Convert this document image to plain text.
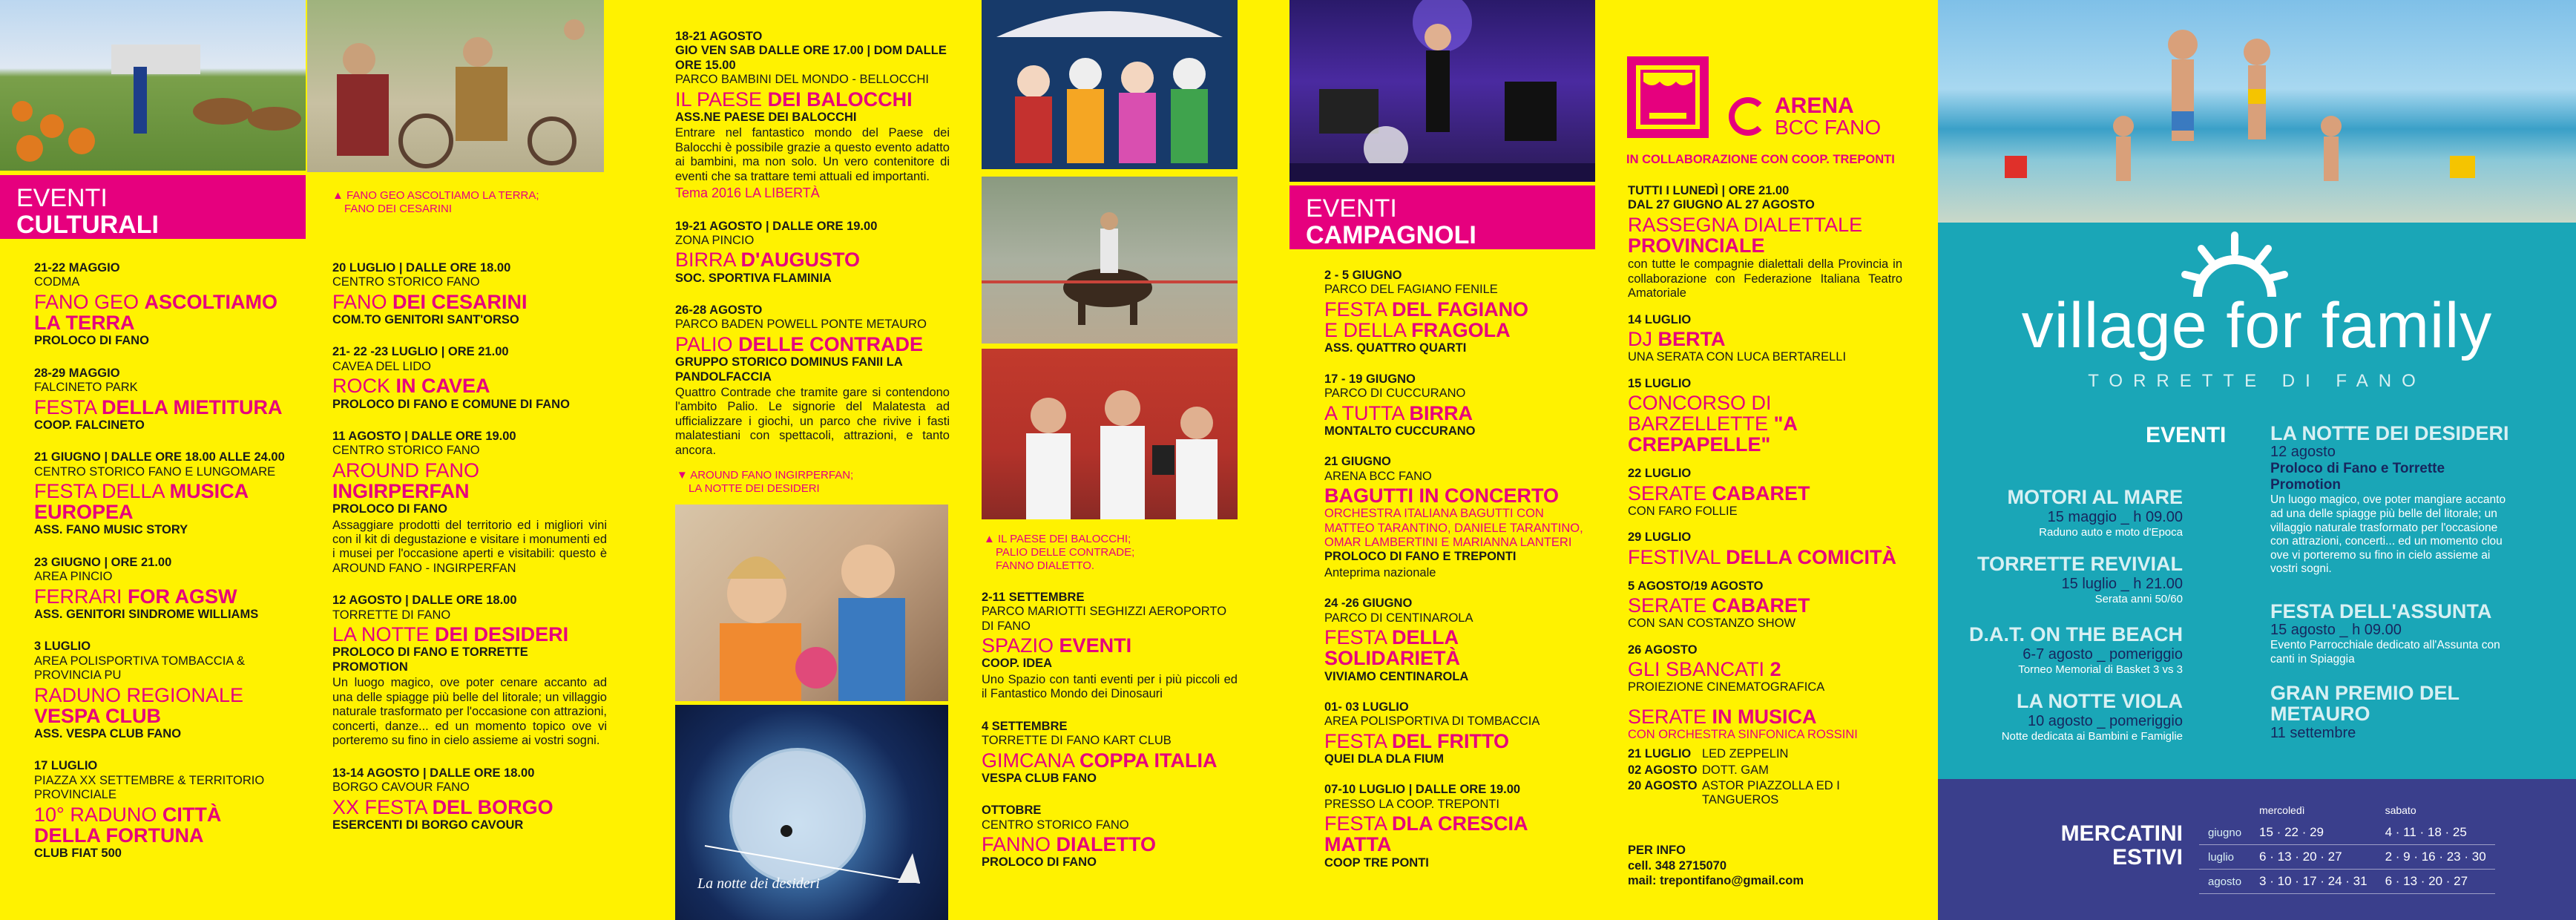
La notte dei desideri
EVENTI
CULTURALI
▲ FANO GEO ASCOLTIAMO LA TERRA;
FANO DEI CESARINI
▼ AROUND FANO INGIRPERFAN;
LA NOTTE DEI DESIDERI
▲ IL PAESE DEI BALOCCHI;
PALIO DELLE CONTRADE;
FANNO DIALETTO.
21-22 MAGGIO
CODMA
FANO GEO ASCOLTIAMO LA TERRA
PROLOCO DI FANO
28-29 MAGGIO
FALCINETO PARK
FESTA DELLA MIETITURA
COOP. FALCINETO
21 GIUGNO | DALLE ORE 18.00 ALLE 24.00
CENTRO STORICO FANO E LUNGOMARE
FESTA DELLA MUSICA EUROPEA
ASS. FANO MUSIC STORY
23 GIUGNO | ORE 21.00
AREA PINCIO
FERRARI FOR AGSW
ASS. GENITORI SINDROME WILLIAMS
3 LUGLIO
AREA POLISPORTIVA TOMBACCIA & PROVINCIA PU
RADUNO REGIONALE VESPA CLUB
ASS. VESPA CLUB FANO
17 LUGLIO
PIAZZA XX SETTEMBRE & TERRITORIO PROVINCIALE
10° RADUNO CITTÀ DELLA FORTUNA
CLUB FIAT 500
20 LUGLIO | DALLE ORE 18.00
CENTRO STORICO FANO
FANO DEI CESARINI
COM.TO GENITORI SANT'ORSO
21- 22 -23 LUGLIO | ORE 21.00
CAVEA DEL LIDO
ROCK IN CAVEA
PROLOCO DI FANO E COMUNE DI FANO
11 AGOSTO | DALLE ORE 19.00
CENTRO STORICO FANO
AROUND FANO INGIRPERFAN
PROLOCO DI FANO
Assaggiare prodotti del territorio ed i migliori vini con il kit di degustazione e visitare i monumenti ed i musei per l'occasione aperti e visitabili: questo è AROUND FANO - INGIRPERFAN
12 AGOSTO | DALLE ORE 18.00
TORRETTE DI FANO
LA NOTTE DEI DESIDERI
PROLOCO DI FANO E TORRETTE PROMOTION
Un luogo magico, ove poter cenare accanto ad una delle spiagge più belle del litorale; un villaggio naturale trasformato per l'occasione con attrazioni, concerti, danze... ed un momento topico ove vi porteremo su fino in cielo assieme ai vostri sogni.
13-14 AGOSTO | DALLE ORE 18.00
BORGO CAVOUR FANO
XX FESTA DEL BORGO
ESERCENTI DI BORGO CAVOUR
18-21 AGOSTO
GIO VEN SAB DALLE ORE 17.00 | DOM DALLE ORE 15.00
PARCO BAMBINI DEL MONDO - BELLOCCHI
IL PAESE DEI BALOCCHI
ASS.NE PAESE DEI BALOCCHI
Entrare nel fantastico mondo del Paese dei Balocchi è possibile grazie a questo evento adatto ai bambini, ma non solo. Un vero contenitore di eventi che sa trattare temi attuali ed importanti.
Tema 2016 LA LIBERTÀ
19-21 AGOSTO | DALLE ORE 19.00
ZONA PINCIO
BIRRA D'AUGUSTO
SOC. SPORTIVA FLAMINIA
26-28 AGOSTO
PARCO BADEN POWELL PONTE METAURO
PALIO DELLE CONTRADE
GRUPPO STORICO DOMINUS FANII LA PANDOLFACCIA
Quattro Contrade che tramite gare si contendono l'ambito Palio. Le signorie del Malatesta ad ufficializzare i giochi, un parco che rivive i fasti malatestiani con spettacoli, attrazioni, e tanto ancora.
2-11 SETTEMBRE
PARCO MARIOTTI SEGHIZZI AEROPORTO DI FANO
SPAZIO EVENTI
COOP. IDEA
Uno Spazio con tanti eventi per i più piccoli ed il Fantastico Mondo dei Dinosauri
4 SETTEMBRE
TORRETTE DI FANO KART CLUB
GIMCANA COPPA ITALIA
VESPA CLUB FANO
OTTOBRE
CENTRO STORICO FANO
FANNO DIALETTO
PROLOCO DI FANO
EVENTI
CAMPAGNOLI
2 - 5 GIUGNO
PARCO DEL FAGIANO FENILE
FESTA DEL FAGIANO
E DELLA FRAGOLA
ASS. QUATTRO QUARTI
17 - 19 GIUGNO
PARCO DI CUCCURANO
A TUTTA BIRRA
MONTALTO CUCCURANO
21 GIUGNO
ARENA BCC FANO
BAGUTTI IN CONCERTO
ORCHESTRA ITALIANA BAGUTTI CON MATTEO TARANTINO, DANIELE TARANTINO, OMAR LAMBERTINI E MARIANNA LANTERI
PROLOCO DI FANO E TREPONTI
Anteprima nazionale
24 -26 GIUGNO
PARCO DI CENTINAROLA
FESTA DELLA SOLIDARIETÀ
VIVIAMO CENTINAROLA
01- 03 LUGLIO
AREA POLISPORTIVA DI TOMBACCIA
FESTA DEL FRITTO
QUEI DLA DLA FIUM
07-10 LUGLIO | DALLE ORE 19.00
PRESSO LA COOP. TREPONTI
FESTA DLA CRESCIA MATTA
COOP TRE PONTI
ARENA
BCC FANO
IN COLLABORAZIONE CON COOP. TREPONTI
TUTTI I LUNEDÌ | ORE 21.00
DAL 27 GIUGNO AL 27 AGOSTO
RASSEGNA DIALETTALE PROVINCIALE
con tutte le compagnie dialettali della Provincia in collaborazione con Federazione Italiana Teatro Amatoriale
14 LUGLIO
DJ BERTA
UNA SERATA CON LUCA BERTARELLI
15 LUGLIO
CONCORSO DI BARZELLETTE "A CREPAPELLE"
22 LUGLIO
SERATE CABARET
CON FARO FOLLIE
29 LUGLIO
FESTIVAL DELLA COMICITÀ
5 AGOSTO/19 AGOSTO
SERATE CABARET
CON SAN COSTANZO SHOW
26 AGOSTO
GLI SBANCATI 2
PROIEZIONE CINEMATOGRAFICA
SERATE IN MUSICA
CON ORCHESTRA SINFONICA ROSSINI
21 LUGLIO LED ZEPPELIN
02 AGOSTO DOTT. GAM
20 AGOSTO ASTOR PIAZZOLLA ED I TANGUEROS
PER INFO
cell. 348 2715070
mail: trepontifano@gmail.com
village for family
TORRETTE DI FANO
EVENTI
MOTORI AL MARE
15 maggio _ h 09.00
Raduno auto e moto d'Epoca
TORRETTE REVIVIAL
15 luglio _ h 21.00
Serata anni 50/60
D.A.T. ON THE BEACH
6-7 agosto _ pomeriggio
Torneo Memorial di Basket 3 vs 3
LA NOTTE VIOLA
10 agosto _ pomeriggio
Notte dedicata ai Bambini e Famiglie
LA NOTTE DEI DESIDERI
12 agosto
Proloco di Fano e Torrette Promotion
Un luogo magico, ove poter mangiare accanto ad una delle spiagge più belle del litorale; un villaggio naturale trasformato per l'occasione con attrazioni, concerti... ed un momento clou ove vi porteremo su fino in cielo assieme ai vostri sogni.
FESTA DELL'ASSUNTA
15 agosto _ h 09.00
Evento Parrocchiale dedicato all'Assunta con canti in Spiaggia
GRAN PREMIO DEL METAURO
11 settembre
MERCATINI
ESTIVI
	mercoledì	sabato
giugno	15 · 22 · 29	4 · 11 · 18 · 25
luglio	6 · 13 · 20 · 27	2 · 9 · 16 · 23 · 30
agosto	3 · 10 · 17 · 24 · 31	6 · 13 · 20 · 27
